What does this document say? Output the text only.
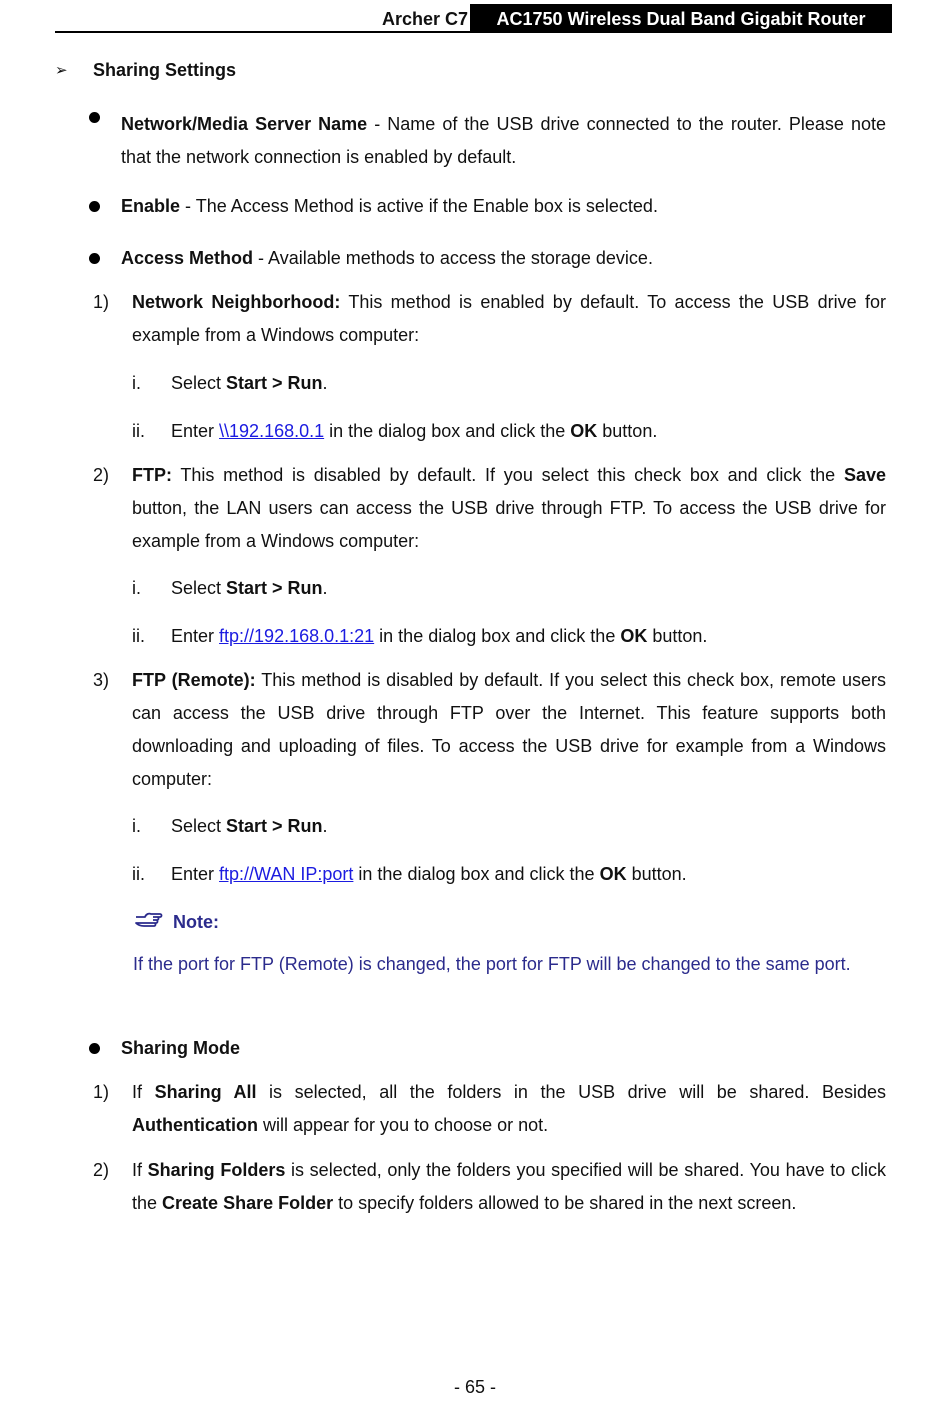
Archer C7	AC1750 Wireless Dual Band Gigabit Router
➢ Sharing Settings
Network/Media Server Name - Name of the USB drive connected to the router. Please note that the network connection is enabled by default.
Enable - The Access Method is active if the Enable box is selected.
Access Method - Available methods to access the storage device.
1) Network Neighborhood: This method is enabled by default. To access the USB drive for example from a Windows computer:
i. Select Start > Run.
ii. Enter \\192.168.0.1 in the dialog box and click the OK button.
2) FTP: This method is disabled by default. If you select this check box and click the Save button, the LAN users can access the USB drive through FTP. To access the USB drive for example from a Windows computer:
i. Select Start > Run.
ii. Enter ftp://192.168.0.1:21 in the dialog box and click the OK button.
3) FTP (Remote): This method is disabled by default. If you select this check box, remote users can access the USB drive through FTP over the Internet. This feature supports both downloading and uploading of files. To access the USB drive for example from a Windows computer:
i. Select Start > Run.
ii. Enter ftp://WAN IP:port in the dialog box and click the OK button.
Note:
If the port for FTP (Remote) is changed, the port for FTP will be changed to the same port.
Sharing Mode
1) If Sharing All is selected, all the folders in the USB drive will be shared. Besides Authentication will appear for you to choose or not.
2) If Sharing Folders is selected, only the folders you specified will be shared. You have to click the Create Share Folder to specify folders allowed to be shared in the next screen.
- 65 -
